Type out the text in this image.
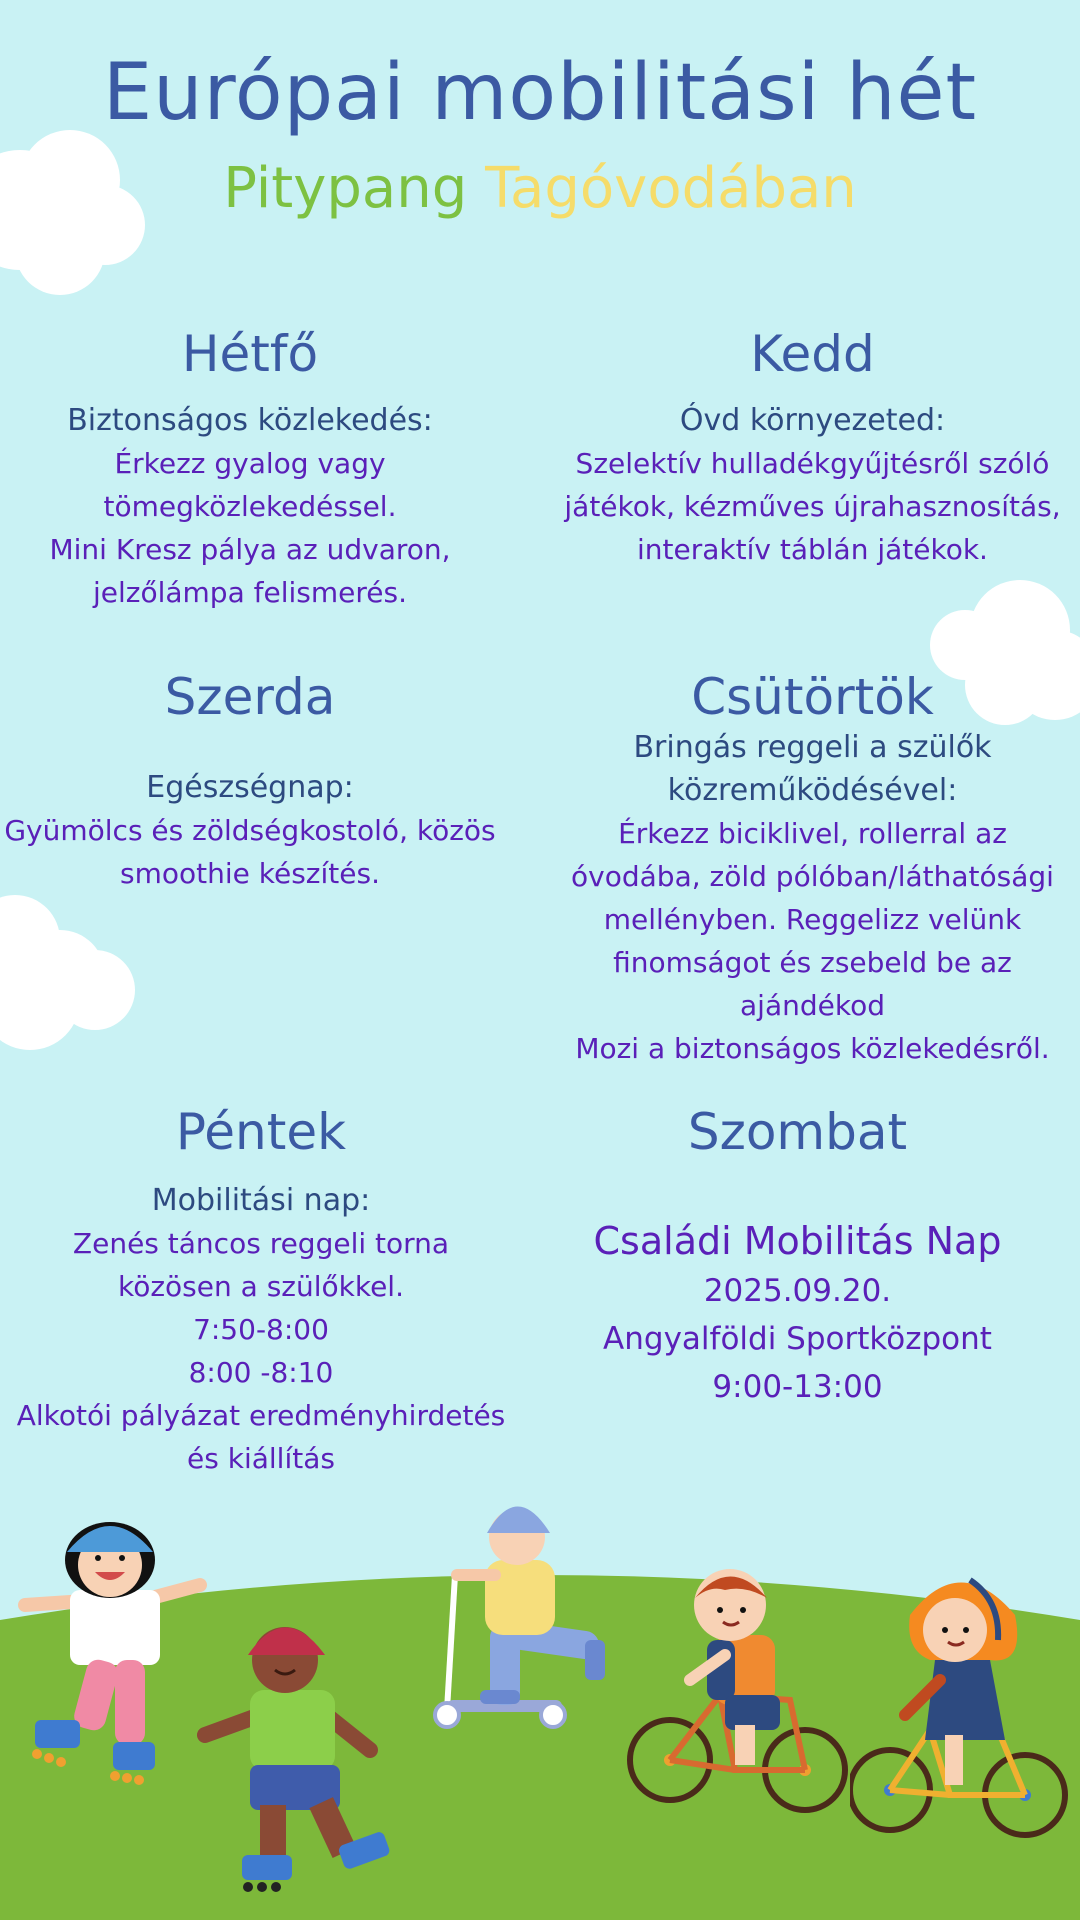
Európai mobilitási hét
Pitypang Tagóvodában
Hétfő
Biztonságos közlekedés:
Érkezz gyalog vagy
tömegközlekedéssel.
Mini Kresz pálya az udvaron,
jelzőlámpa felismerés.
Kedd
Óvd környezeted:
Szelektív hulladékgyűjtésről szóló
játékok, kézműves újrahasznosítás,
interaktív táblán játékok.
Szerda
Egészségnap:
Gyümölcs és zöldségkostoló, közös
smoothie készítés.
Csütörtök
Bringás reggeli a szülők
közreműködésével:
Érkezz biciklivel, rollerral az
óvodába, zöld pólóban/láthatósági
mellényben. Reggelizz velünk
finomságot és zsebeld be az
ajándékod
Mozi a biztonságos közlekedésről.
Péntek
Mobilitási nap:
Zenés táncos reggeli torna
közösen a szülőkkel.
7:50-8:00
8:00 -8:10
Alkotói pályázat eredményhirdetés
és kiállítás
Szombat
Családi Mobilitás Nap
2025.09.20.
Angyalföldi Sportközpont
9:00-13:00
